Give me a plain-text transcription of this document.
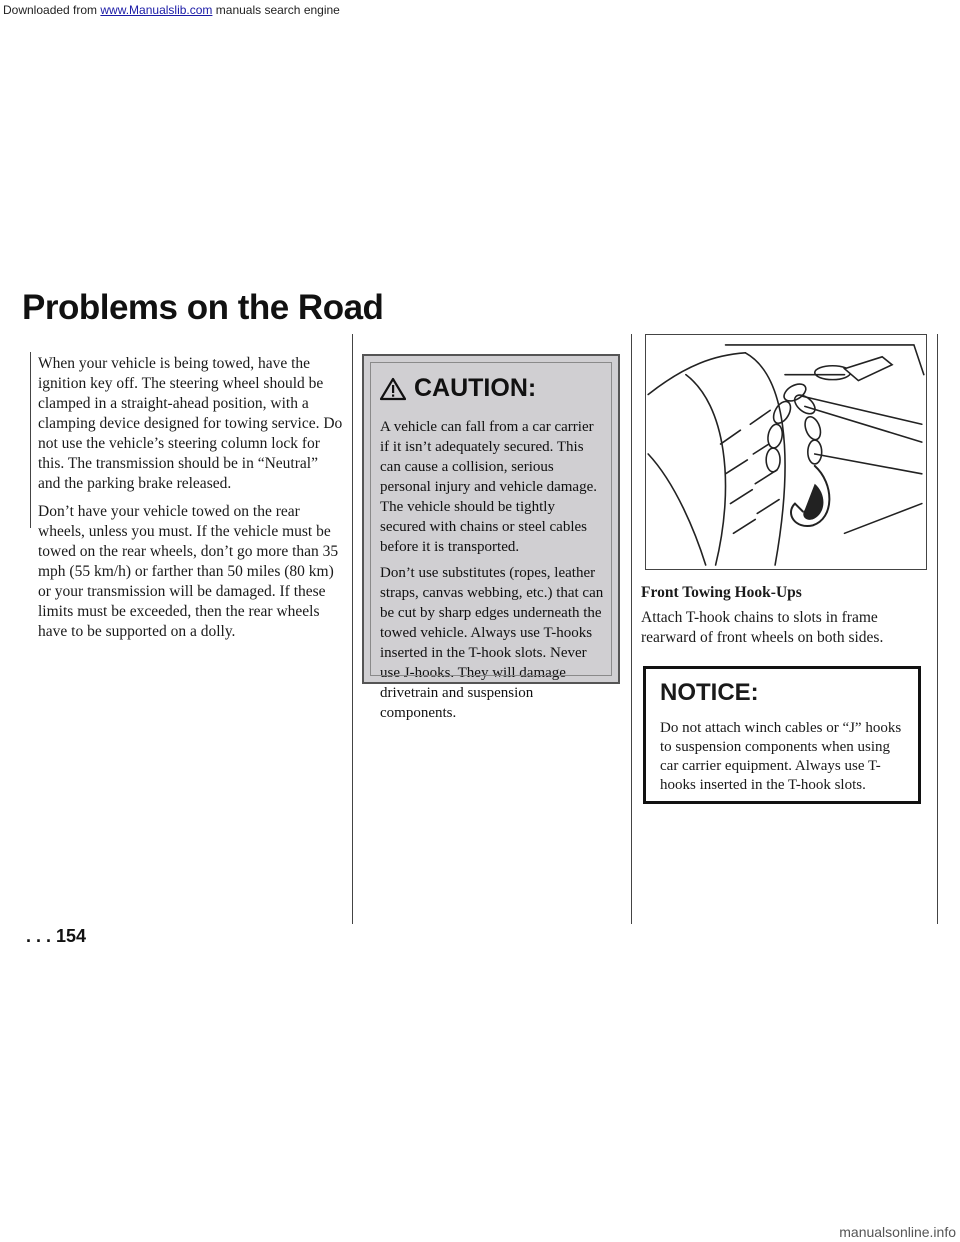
Downloaded from www.Manualslib.com manuals search engine
Problems on the Road

When your vehicle is being towed, have the ignition key off. The steering wheel should be clamped in a straight-ahead position, with a clamping device designed for towing service. Do not use the vehicle’s steering column lock for this. The transmission should be in “Neutral” and the parking brake released.

Don’t have your vehicle towed on the rear wheels, unless you must. If the vehicle must be towed on the rear wheels, don’t go more than 35 mph (55 km/h) or farther than 50 miles (80 km) or your transmission will be damaged. If these limits must be exceeded, then the rear wheels have to be supported on a dolly.

CAUTION:

A vehicle can fall from a car carrier if it isn’t adequately secured. This can cause a collision, serious personal injury and vehicle damage. The vehicle should be tightly secured with chains or steel cables before it is transported.

Don’t use substitutes (ropes, leather straps, canvas webbing, etc.) that can be cut by sharp edges underneath the towed vehicle. Always use T-hooks inserted in the T-hook slots. Never use J-hooks. They will damage drivetrain and suspension components.

Front Towing Hook-Ups

Attach T-hook chains to slots in frame rearward of front wheels on both sides.

NOTICE:

Do not attach winch cables or “J” hooks to suspension components when using car carrier equipment. Always use T-hooks inserted in the T-hook slots.

. . . 154
manualsonline.info
